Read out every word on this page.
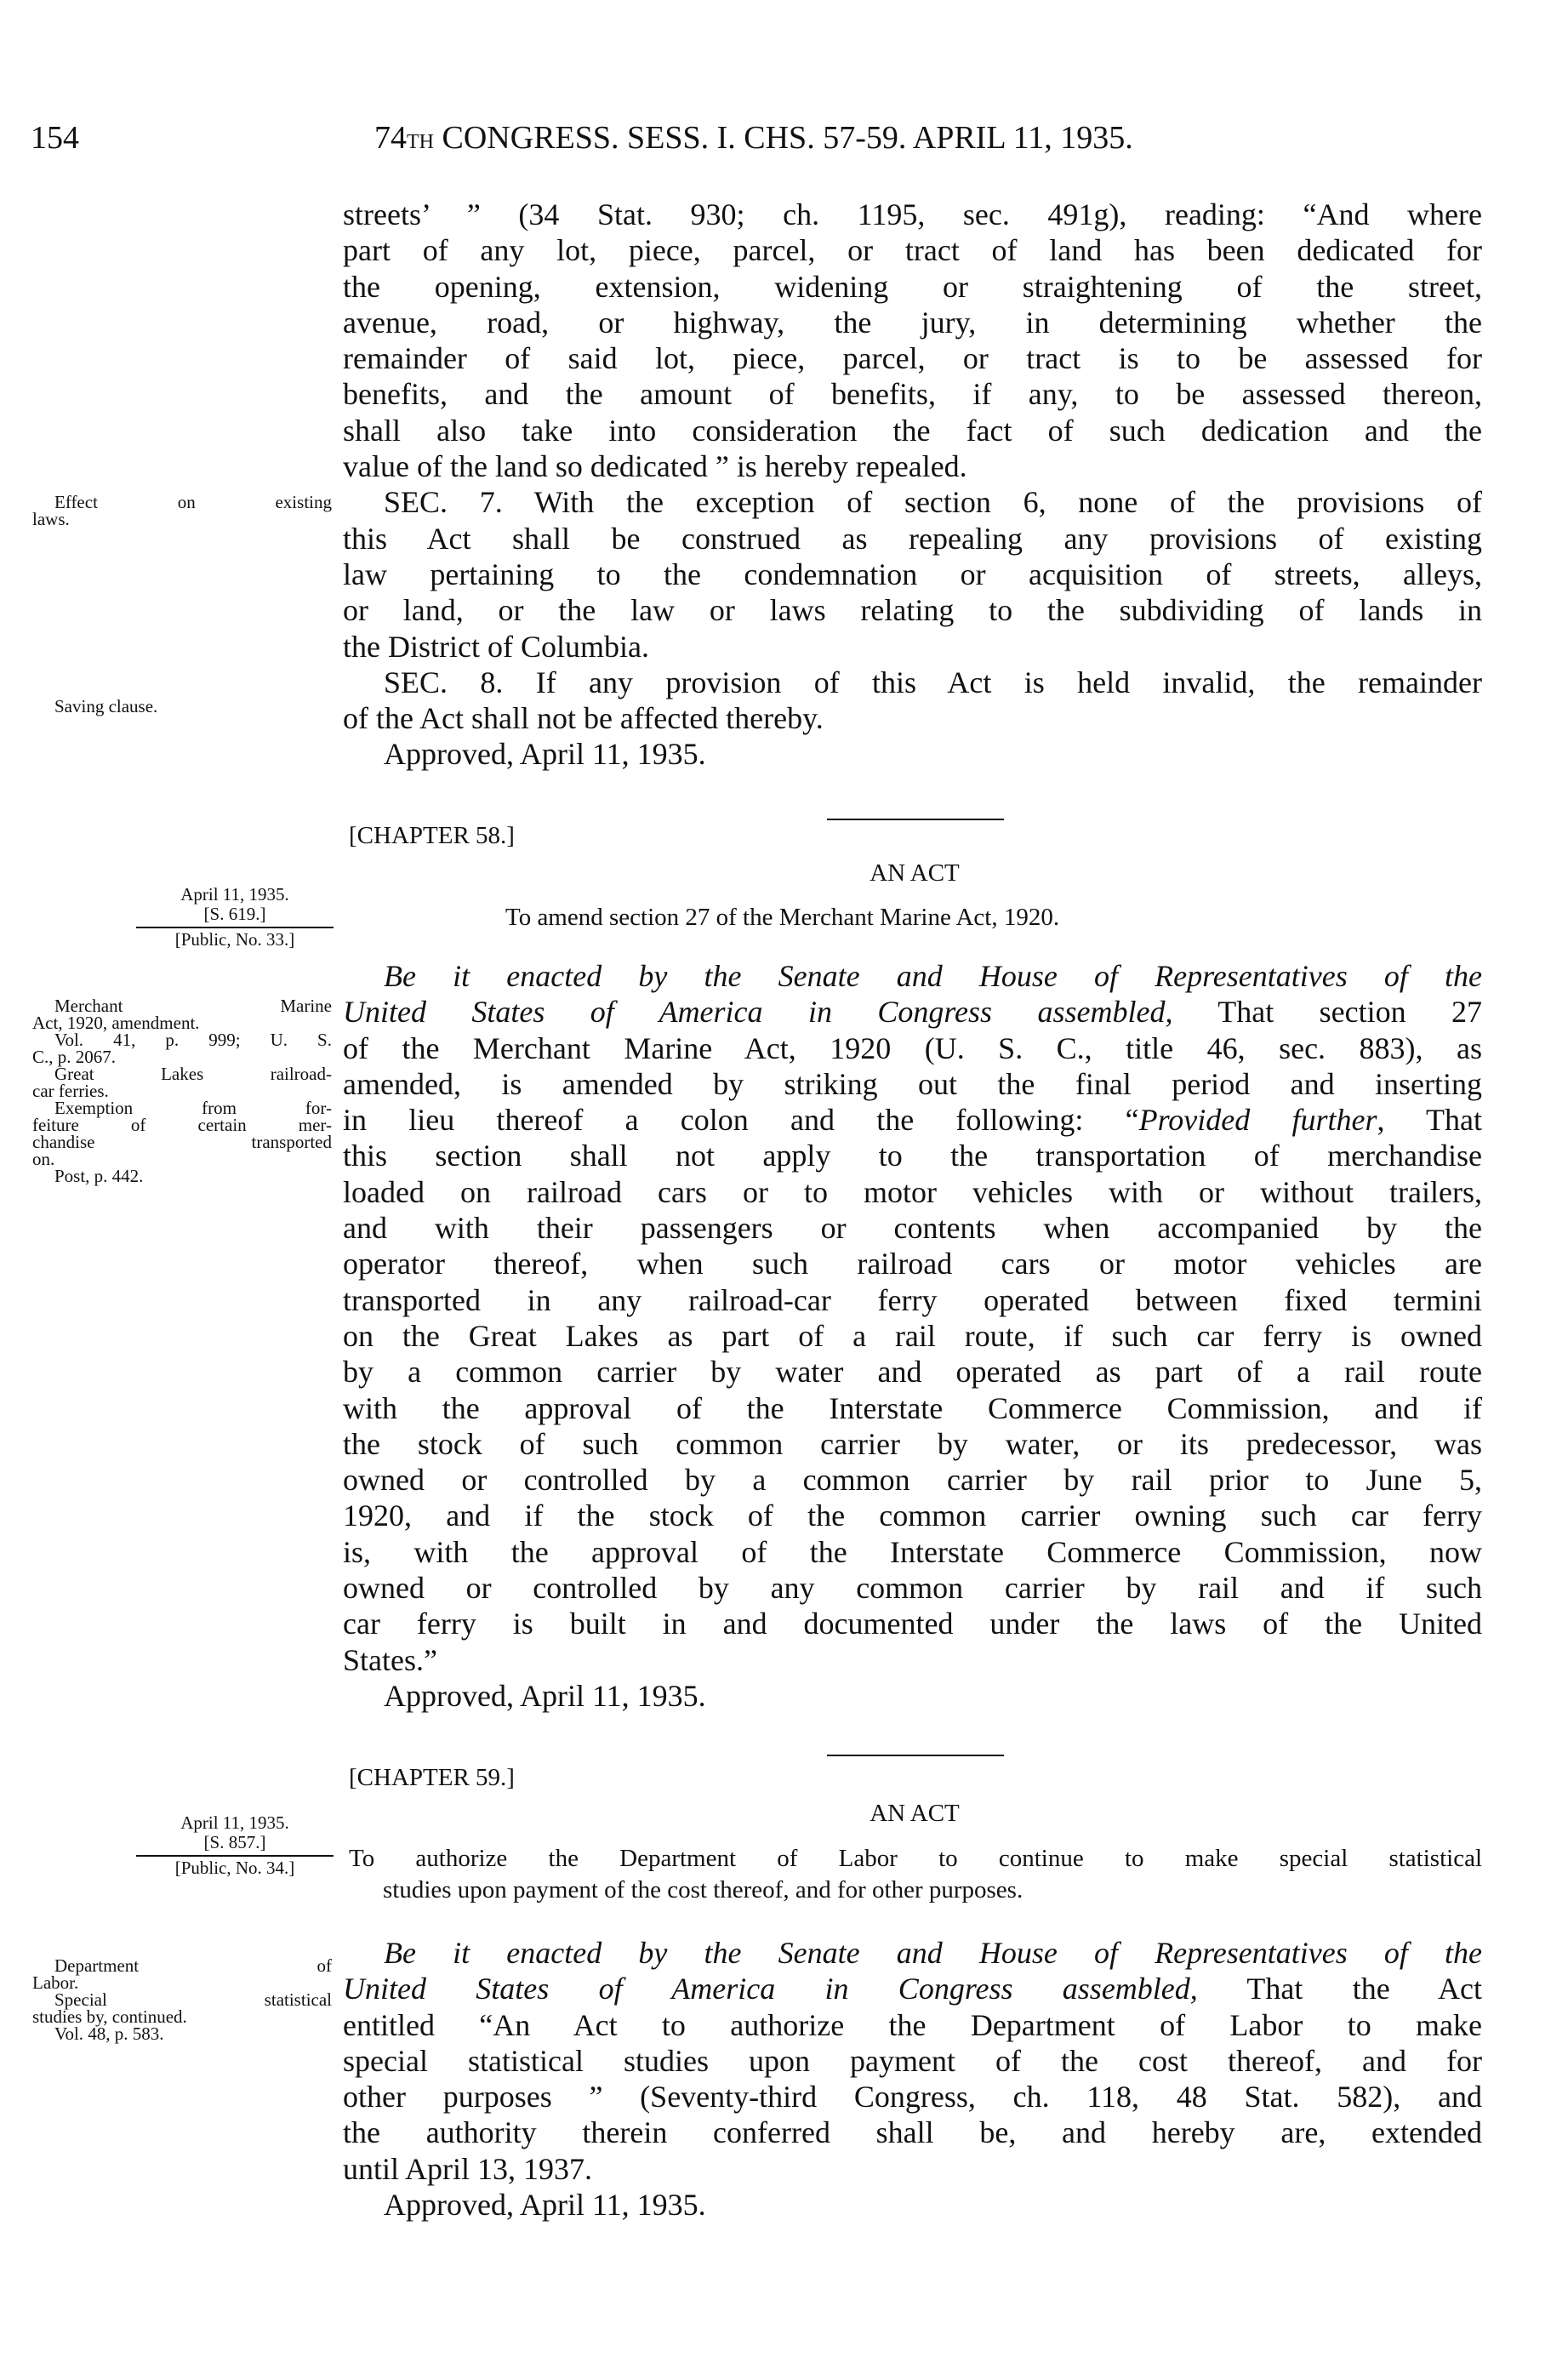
154	74TH CONGRESS. SESS. I. CHS. 57-59. APRIL 11, 1935.
streets’ ” (34 Stat. 930; ch. 1195, sec. 491g), reading: “And where
part of any lot, piece, parcel, or tract of land has been dedicated for
the opening, extension, widening or straightening of the street,
avenue, road, or highway, the jury, in determining whether the
remainder of said lot, piece, parcel, or tract is to be assessed for
benefits, and the amount of benefits, if any, to be assessed thereon,
shall also take into consideration the fact of such dedication and the
value of the land so dedicated ” is hereby repealed.
SEC. 7. With the exception of section 6, none of the provisions of
this Act shall be construed as repealing any provisions of existing
law pertaining to the condemnation or acquisition of streets, alleys,
or land, or the law or laws relating to the subdividing of lands in
the District of Columbia.
SEC. 8. If any provision of this Act is held invalid, the remainder
of the Act shall not be affected thereby.
Approved, April 11, 1935.
Be it enacted by the Senate and House of Representatives of the
United States of America in Congress assembled, That section 27
of the Merchant Marine Act, 1920 (U. S. C., title 46, sec. 883), as
amended, is amended by striking out the final period and inserting
in lieu thereof a colon and the following: “Provided further, That
this section shall not apply to the transportation of merchandise
loaded on railroad cars or to motor vehicles with or without trailers,
and with their passengers or contents when accompanied by the
operator thereof, when such railroad cars or motor vehicles are
transported in any railroad-car ferry operated between fixed termini
on the Great Lakes as part of a rail route, if such car ferry is owned
by a common carrier by water and operated as part of a rail route
with the approval of the Interstate Commerce Commission, and if
the stock of such common carrier by water, or its predecessor, was
owned or controlled by a common carrier by rail prior to June 5,
1920, and if the stock of the common carrier owning such car ferry
is, with the approval of the Interstate Commerce Commission, now
owned or controlled by any common carrier by rail and if such
car ferry is built in and documented under the laws of the United
States.”
Approved, April 11, 1935.
Be it enacted by the Senate and House of Representatives of the
United States of America in Congress assembled, That the Act
entitled “An Act to authorize the Department of Labor to make
special statistical studies upon payment of the cost thereof, and for
other purposes ” (Seventy-third Congress, ch. 118, 48 Stat. 582), and
the authority therein conferred shall be, and hereby are, extended
until April 13, 1937.
Approved, April 11, 1935.
Effect on existing
laws.
Saving clause.
Merchant Marine
Act, 1920, amendment.
Vol. 41, p. 999; U. S.
C., p. 2067.
Great Lakes railroad-
car ferries.
Exemption from for-
feiture of certain mer-
chandise transported
on.
Post, p. 442.
Department of
Labor.
Special statistical
studies by, continued.
Vol. 48, p. 583.
[CHAPTER 58.]
AN ACT
To amend section 27 of the Merchant Marine Act, 1920.
April 11, 1935.
[S. 619.]
[Public, No. 33.]
[CHAPTER 59.]
AN ACT
To authorize the Department of Labor to continue to make special statistical
studies upon payment of the cost thereof, and for other purposes.
April 11, 1935.
[S. 857.]
[Public, No. 34.]
